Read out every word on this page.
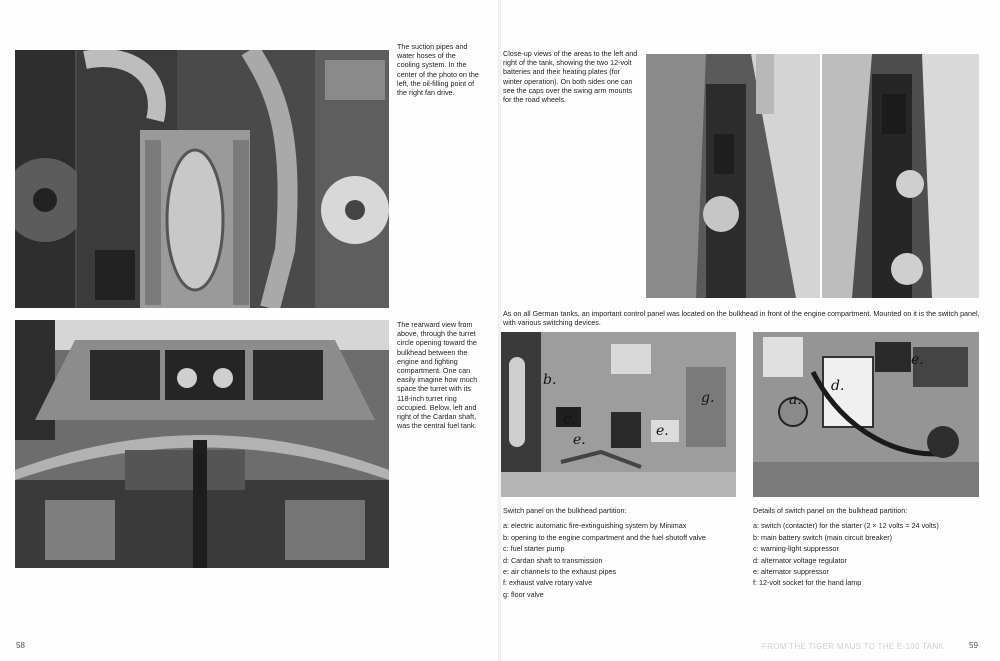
The suction pipes and water hoses of the cooling system. In the center of the photo on the left, the oil-filling point of the right fan drive.

The rearward view from above, through the turret circle opening toward the bulkhead between the engine and fighting compartment. One can easily imagine how much space the turret with its 118-inch turret ring occupied. Below, left and right of the Cardan shaft, was the central fuel tank.

58

Close-up views of the areas to the left and right of the tank, showing the two 12-volt batteries and their heating plates (for winter operation). On both sides one can see the caps over the swing arm mounts for the road wheels.

As on all German tanks, an important control panel was located on the bulkhead in front of the engine compartment. Mounted on it is the switch panel, with various switching devices.

b.
c.
e.
e.
g.	a.
d.
e.
Switch panel on the bulkhead partition:
a: electric automatic fire-extinguishing system by Minimax
b: opening to the engine compartment and the fuel shutoff valve
c: fuel starter pump
d: Cardan shaft to transmission
e: air channels to the exhaust pipes
f: exhaust valve rotary valve
g: floor valve
Details of switch panel on the bulkhead partition:
a: switch (contacter) for the starter (2 × 12 volts = 24 volts)
b: main battery switch (main circuit breaker)
c: warning-light suppressor
d: alternator voltage regulator
e: alternator suppressor
f: 12-volt socket for the hand lamp
FROM THE TIGER MAUS TO THE E-100 TANK	59
